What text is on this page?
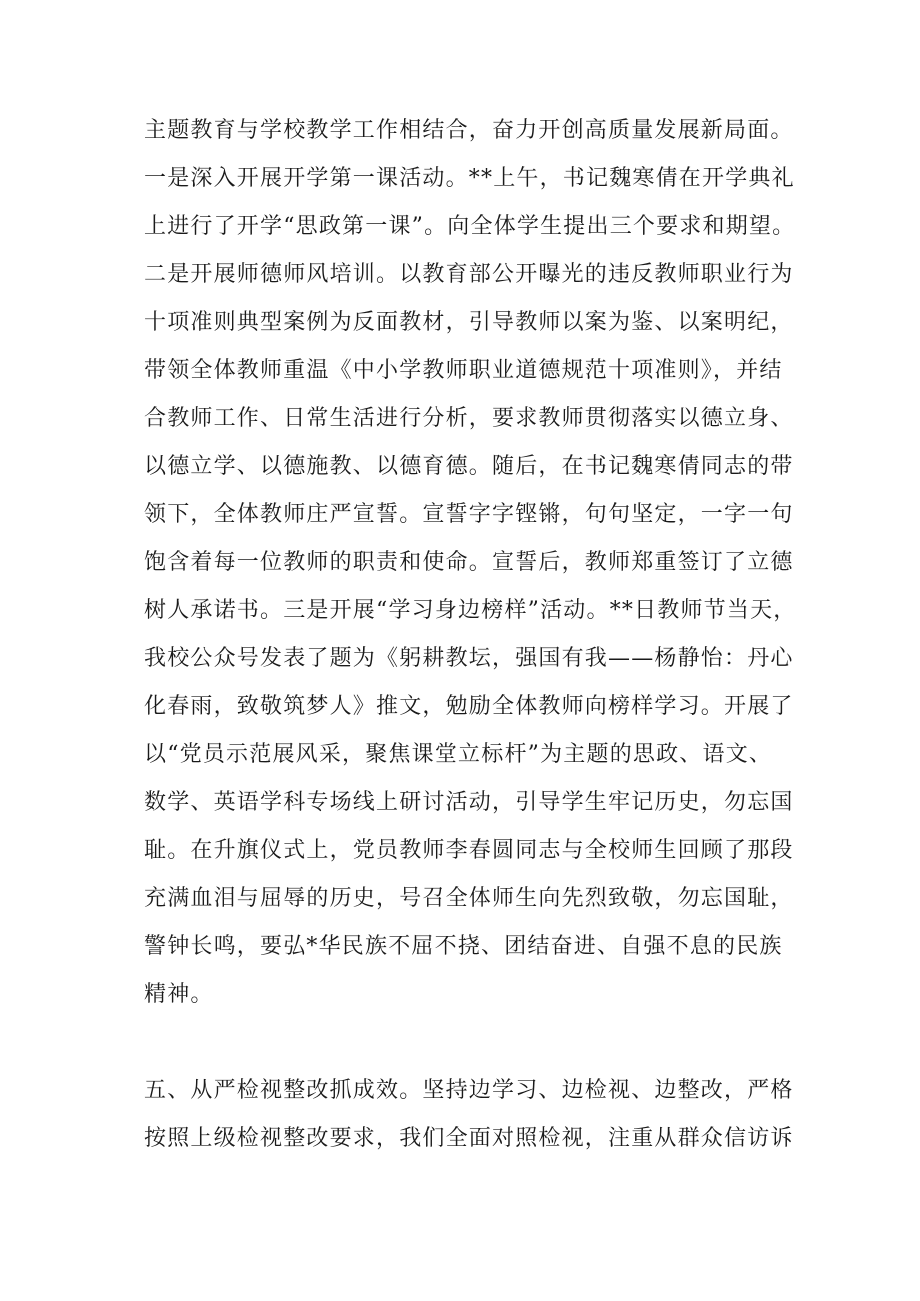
主题教育与学校教学工作相结合，奋力开创高质量发展新局面。
一是深入开展开学第一课活动。**上午，书记魏寒倩在开学典礼
上进行了开学“思政第一课”。向全体学生提出三个要求和期望。
二是开展师德师风培训。以教育部公开曝光的违反教师职业行为
十项准则典型案例为反面教材，引导教师以案为鉴、以案明纪，
带领全体教师重温《中小学教师职业道德规范十项准则》，并结
合教师工作、日常生活进行分析，要求教师贯彻落实以德立身、
以德立学、以德施教、以德育德。随后，在书记魏寒倩同志的带
领下，全体教师庄严宣誓。宣誓字字铿锵，句句坚定，一字一句
饱含着每一位教师的职责和使命。宣誓后，教师郑重签订了立德
树人承诺书。三是开展“学习身边榜样”活动。**日教师节当天，
我校公众号发表了题为《躬耕教坛，强国有我——杨静怡：丹心
化春雨，致敬筑梦人》推文，勉励全体教师向榜样学习。开展了
以“党员示范展风采，聚焦课堂立标杆”为主题的思政、语文、
数学、英语学科专场线上研讨活动，引导学生牢记历史，勿忘国
耻。在升旗仪式上，党员教师李春圆同志与全校师生回顾了那段
充满血泪与屈辱的历史，号召全体师生向先烈致敬，勿忘国耻，
警钟长鸣，要弘*华民族不屈不挠、团结奋进、自强不息的民族
精神。
五、从严检视整改抓成效。坚持边学习、边检视、边整改，严格
按照上级检视整改要求，我们全面对照检视，注重从群众信访诉
